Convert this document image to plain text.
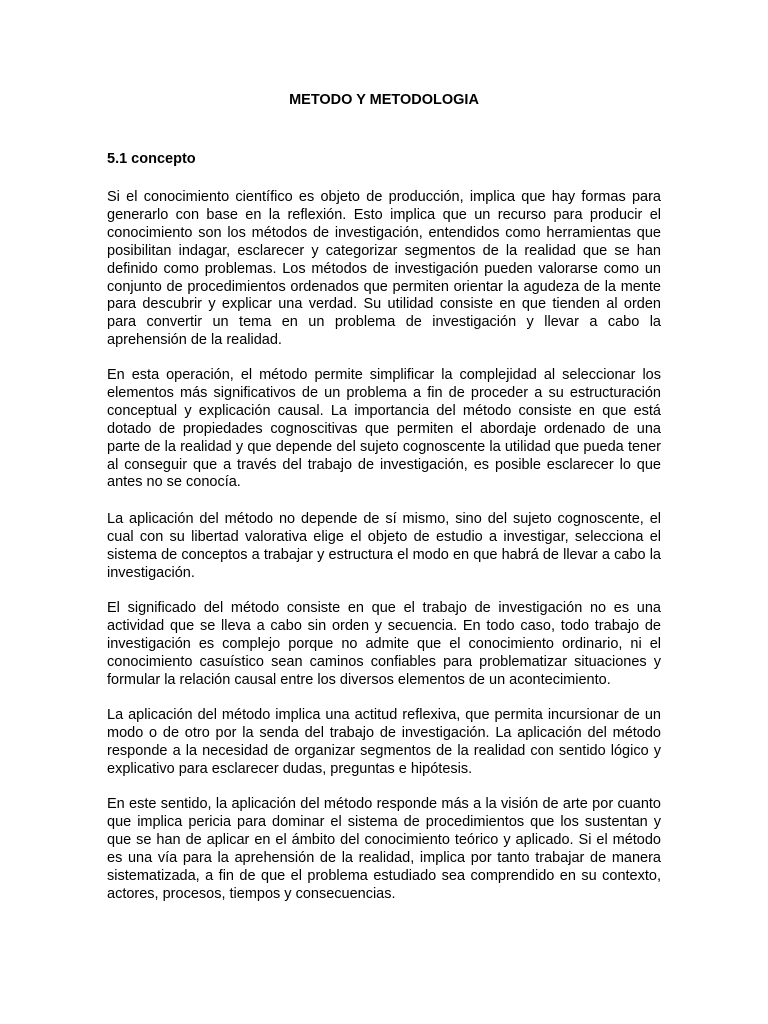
METODO Y METODOLOGIA
5.1 concepto

Si el conocimiento científico es objeto de producción, implica que hay formas para generarlo con base en la reflexión. Esto implica que un recurso para producir el conocimiento son los métodos de investigación, entendidos como herramientas que posibilitan indagar, esclarecer y categorizar segmentos de la realidad que se han definido como problemas. Los métodos de investigación pueden valorarse como un conjunto de procedimientos ordenados que permiten orientar la agudeza de la mente para descubrir y explicar una verdad. Su utilidad consiste en que tienden al orden para convertir un tema en un problema de investigación y llevar a cabo la aprehensión de la realidad.

En esta operación, el método permite simplificar la complejidad al seleccionar los elementos más significativos de un problema a fin de proceder a su estructuración conceptual y explicación causal. La importancia del método consiste en que está dotado de propiedades cognoscitivas que permiten el abordaje ordenado de una parte de la realidad y que depende del sujeto cognoscente la utilidad que pueda tener al conseguir que a través del trabajo de investigación, es posible esclarecer lo que antes no se conocía.

La aplicación del método no depende de sí mismo, sino del sujeto cognoscente, el cual con su libertad valorativa elige el objeto de estudio a investigar, selecciona el sistema de conceptos a trabajar y estructura el modo en que habrá de llevar a cabo la investigación.

El significado del método consiste en que el trabajo de investigación no es una actividad que se lleva a cabo sin orden y secuencia. En todo caso, todo trabajo de investigación es complejo porque no admite que el conocimiento ordinario, ni el conocimiento casuístico sean caminos confiables para problematizar situaciones y formular la relación causal entre los diversos elementos de un acontecimiento.

La aplicación del método implica una actitud reflexiva, que permita incursionar de un modo o de otro por la senda del trabajo de investigación. La aplicación del método responde a la necesidad de organizar segmentos de la realidad con sentido lógico y explicativo para esclarecer dudas, preguntas e hipótesis.

En este sentido, la aplicación del método responde más a la visión de arte por cuanto que implica pericia para dominar el sistema de procedimientos que los sustentan y que se han de aplicar en el ámbito del conocimiento teórico y aplicado. Si el método es una vía para la aprehensión de la realidad, implica por tanto trabajar de manera sistematizada, a fin de que el problema estudiado sea comprendido en su contexto, actores, procesos, tiempos y consecuencias.
